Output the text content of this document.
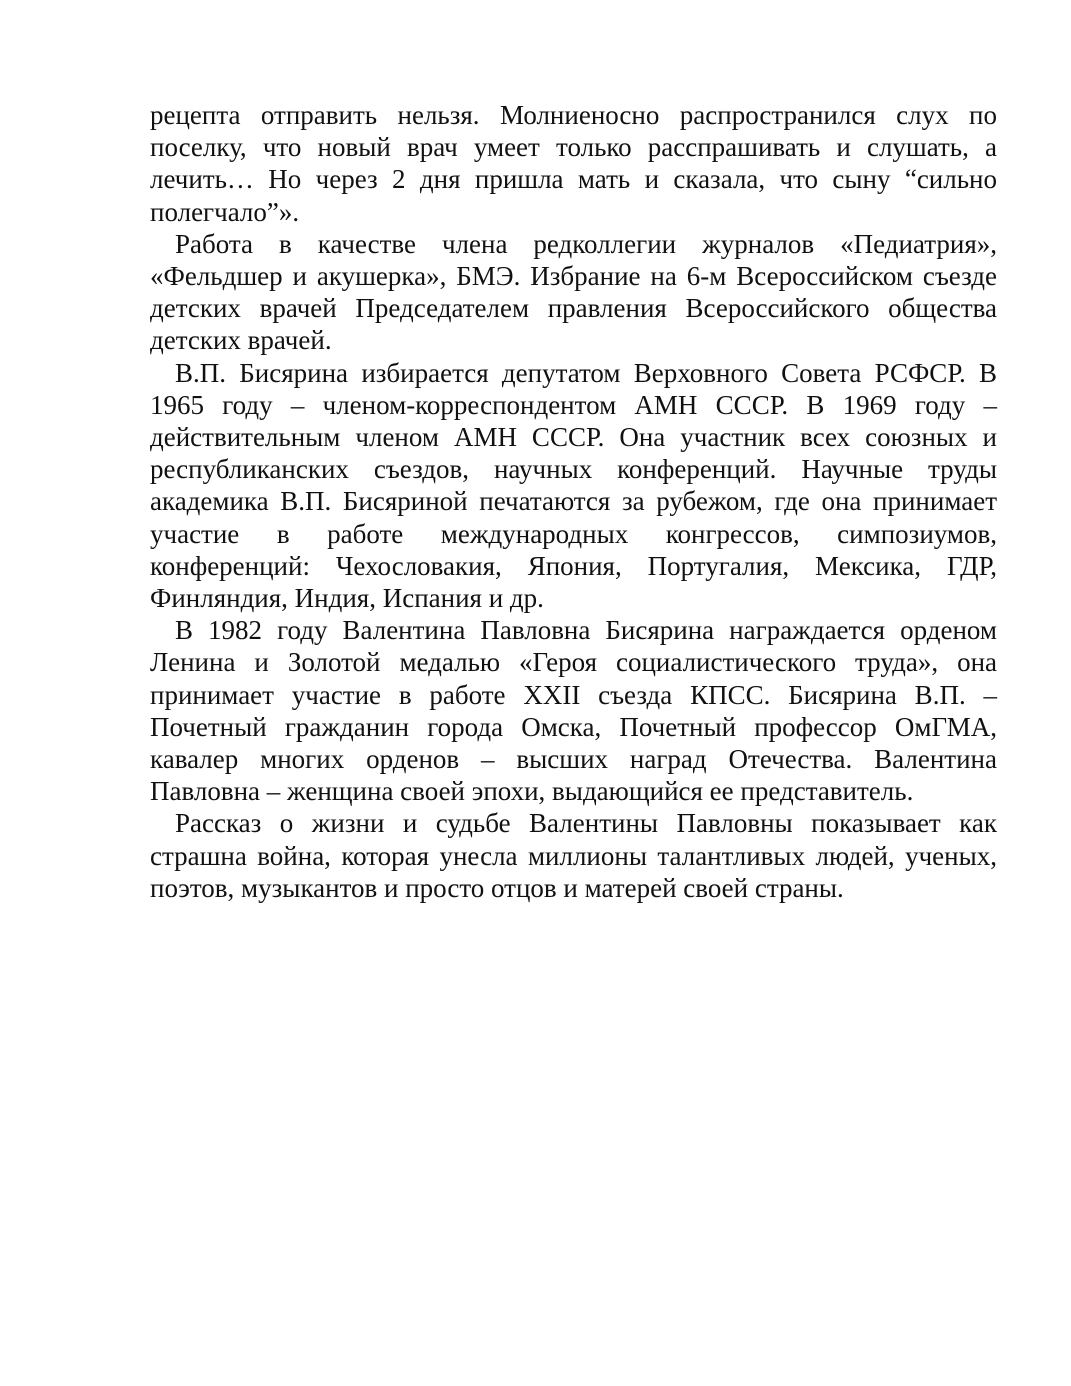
рецепта отправить нельзя. Молниеносно распространился слух по поселку, что новый врач умеет только расспрашивать и слушать, а лечить… Но через 2 дня пришла мать и сказала, что сыну “сильно полегчало”».

Работа в качестве члена редколлегии журналов «Педиатрия», «Фельдшер и акушерка», БМЭ. Избрание на 6-м Всероссийском съезде детских врачей Председателем правления Всероссийского общества детских врачей.

В.П. Бисярина избирается депутатом Верховного Совета РСФСР. В 1965 году – членом-корреспондентом АМН СССР. В 1969 году – действительным членом АМН СССР. Она участник всех союзных и республиканских съездов, научных конференций. Научные труды академика В.П. Бисяриной печатаются за рубежом, где она принимает участие в работе международных конгрессов, симпозиумов, конференций: Чехословакия, Япония, Португалия, Мексика, ГДР, Финляндия, Индия, Испания и др.

В 1982 году Валентина Павловна Бисярина награждается орденом Ленина и Золотой медалью «Героя социалистического труда», она принимает участие в работе XXII съезда КПСС. Бисярина В.П. – Почетный гражданин города Омска, Почетный профессор ОмГМА, кавалер многих орденов – высших наград Отечества. Валентина Павловна – женщина своей эпохи, выдающийся ее представитель.

Рассказ о жизни и судьбе Валентины Павловны показывает как страшна война, которая унесла миллионы талантливых людей, ученых, поэтов, музыкантов и просто отцов и матерей своей страны.
